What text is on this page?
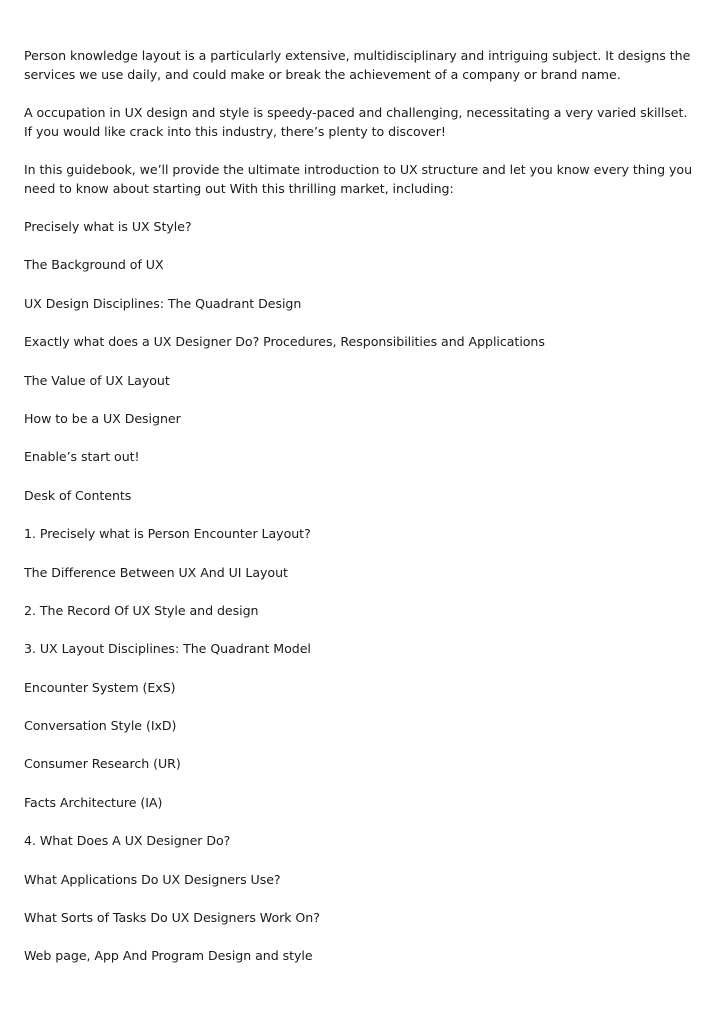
Person knowledge layout is a particularly extensive, multidisciplinary and intriguing subject. It designs the services we use daily, and could make or break the achievement of a company or brand name.

A occupation in UX design and style is speedy-paced and challenging, necessitating a very varied skillset. If you would like crack into this industry, there’s plenty to discover!

In this guidebook, we’ll provide the ultimate introduction to UX structure and let you know every thing you need to know about starting out With this thrilling market, including:

Precisely what is UX Style?

The Background of UX

UX Design Disciplines: The Quadrant Design

Exactly what does a UX Designer Do? Procedures, Responsibilities and Applications

The Value of UX Layout

How to be a UX Designer

Enable’s start out!

Desk of Contents

1. Precisely what is Person Encounter Layout?

The Difference Between UX And UI Layout

2. The Record Of UX Style and design

3. UX Layout Disciplines: The Quadrant Model

Encounter System (ExS)

Conversation Style (IxD)

Consumer Research (UR)

Facts Architecture (IA)

4. What Does A UX Designer Do?

What Applications Do UX Designers Use?

What Sorts of Tasks Do UX Designers Work On?

Web page, App And Program Design and style
